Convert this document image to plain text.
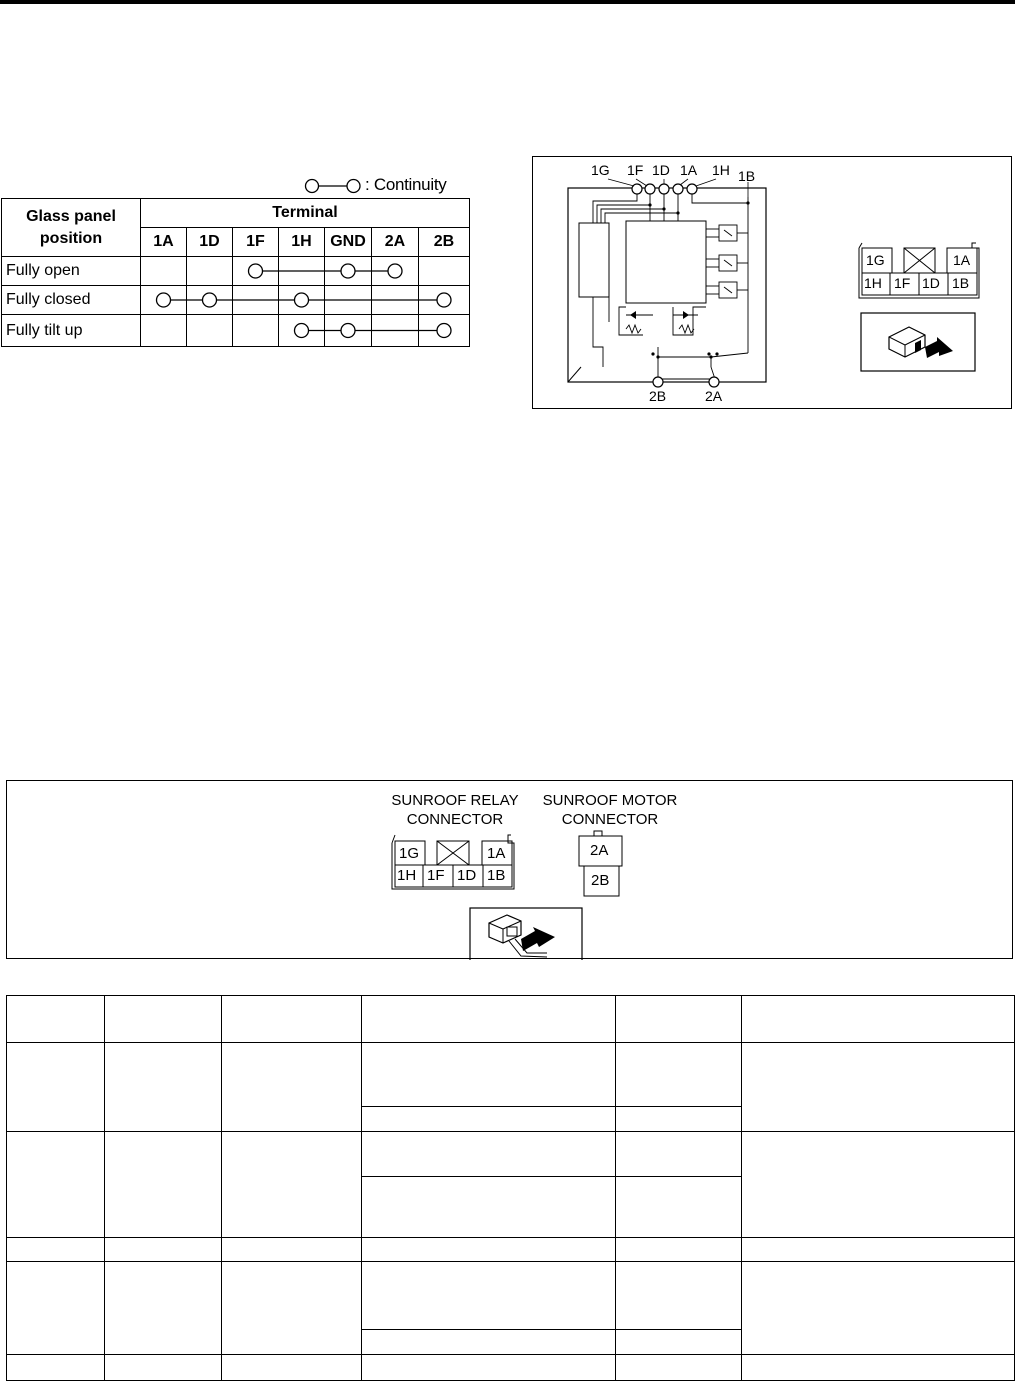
: Continuity
Glass panel
position	Terminal						
	1A	1D	1F	1H	GND	2A	2B
Fully open							
Fully closed							
Fully tilt up							
1G 1F 1D 1A 1H 1B
2B	2A
1G	1A
1H 1F 1D 1B
SUNROOF RELAY
CONNECTOR
SUNROOF MOTOR
CONNECTOR
1G	1A
1H 1F 1D 1B
2A
2B
